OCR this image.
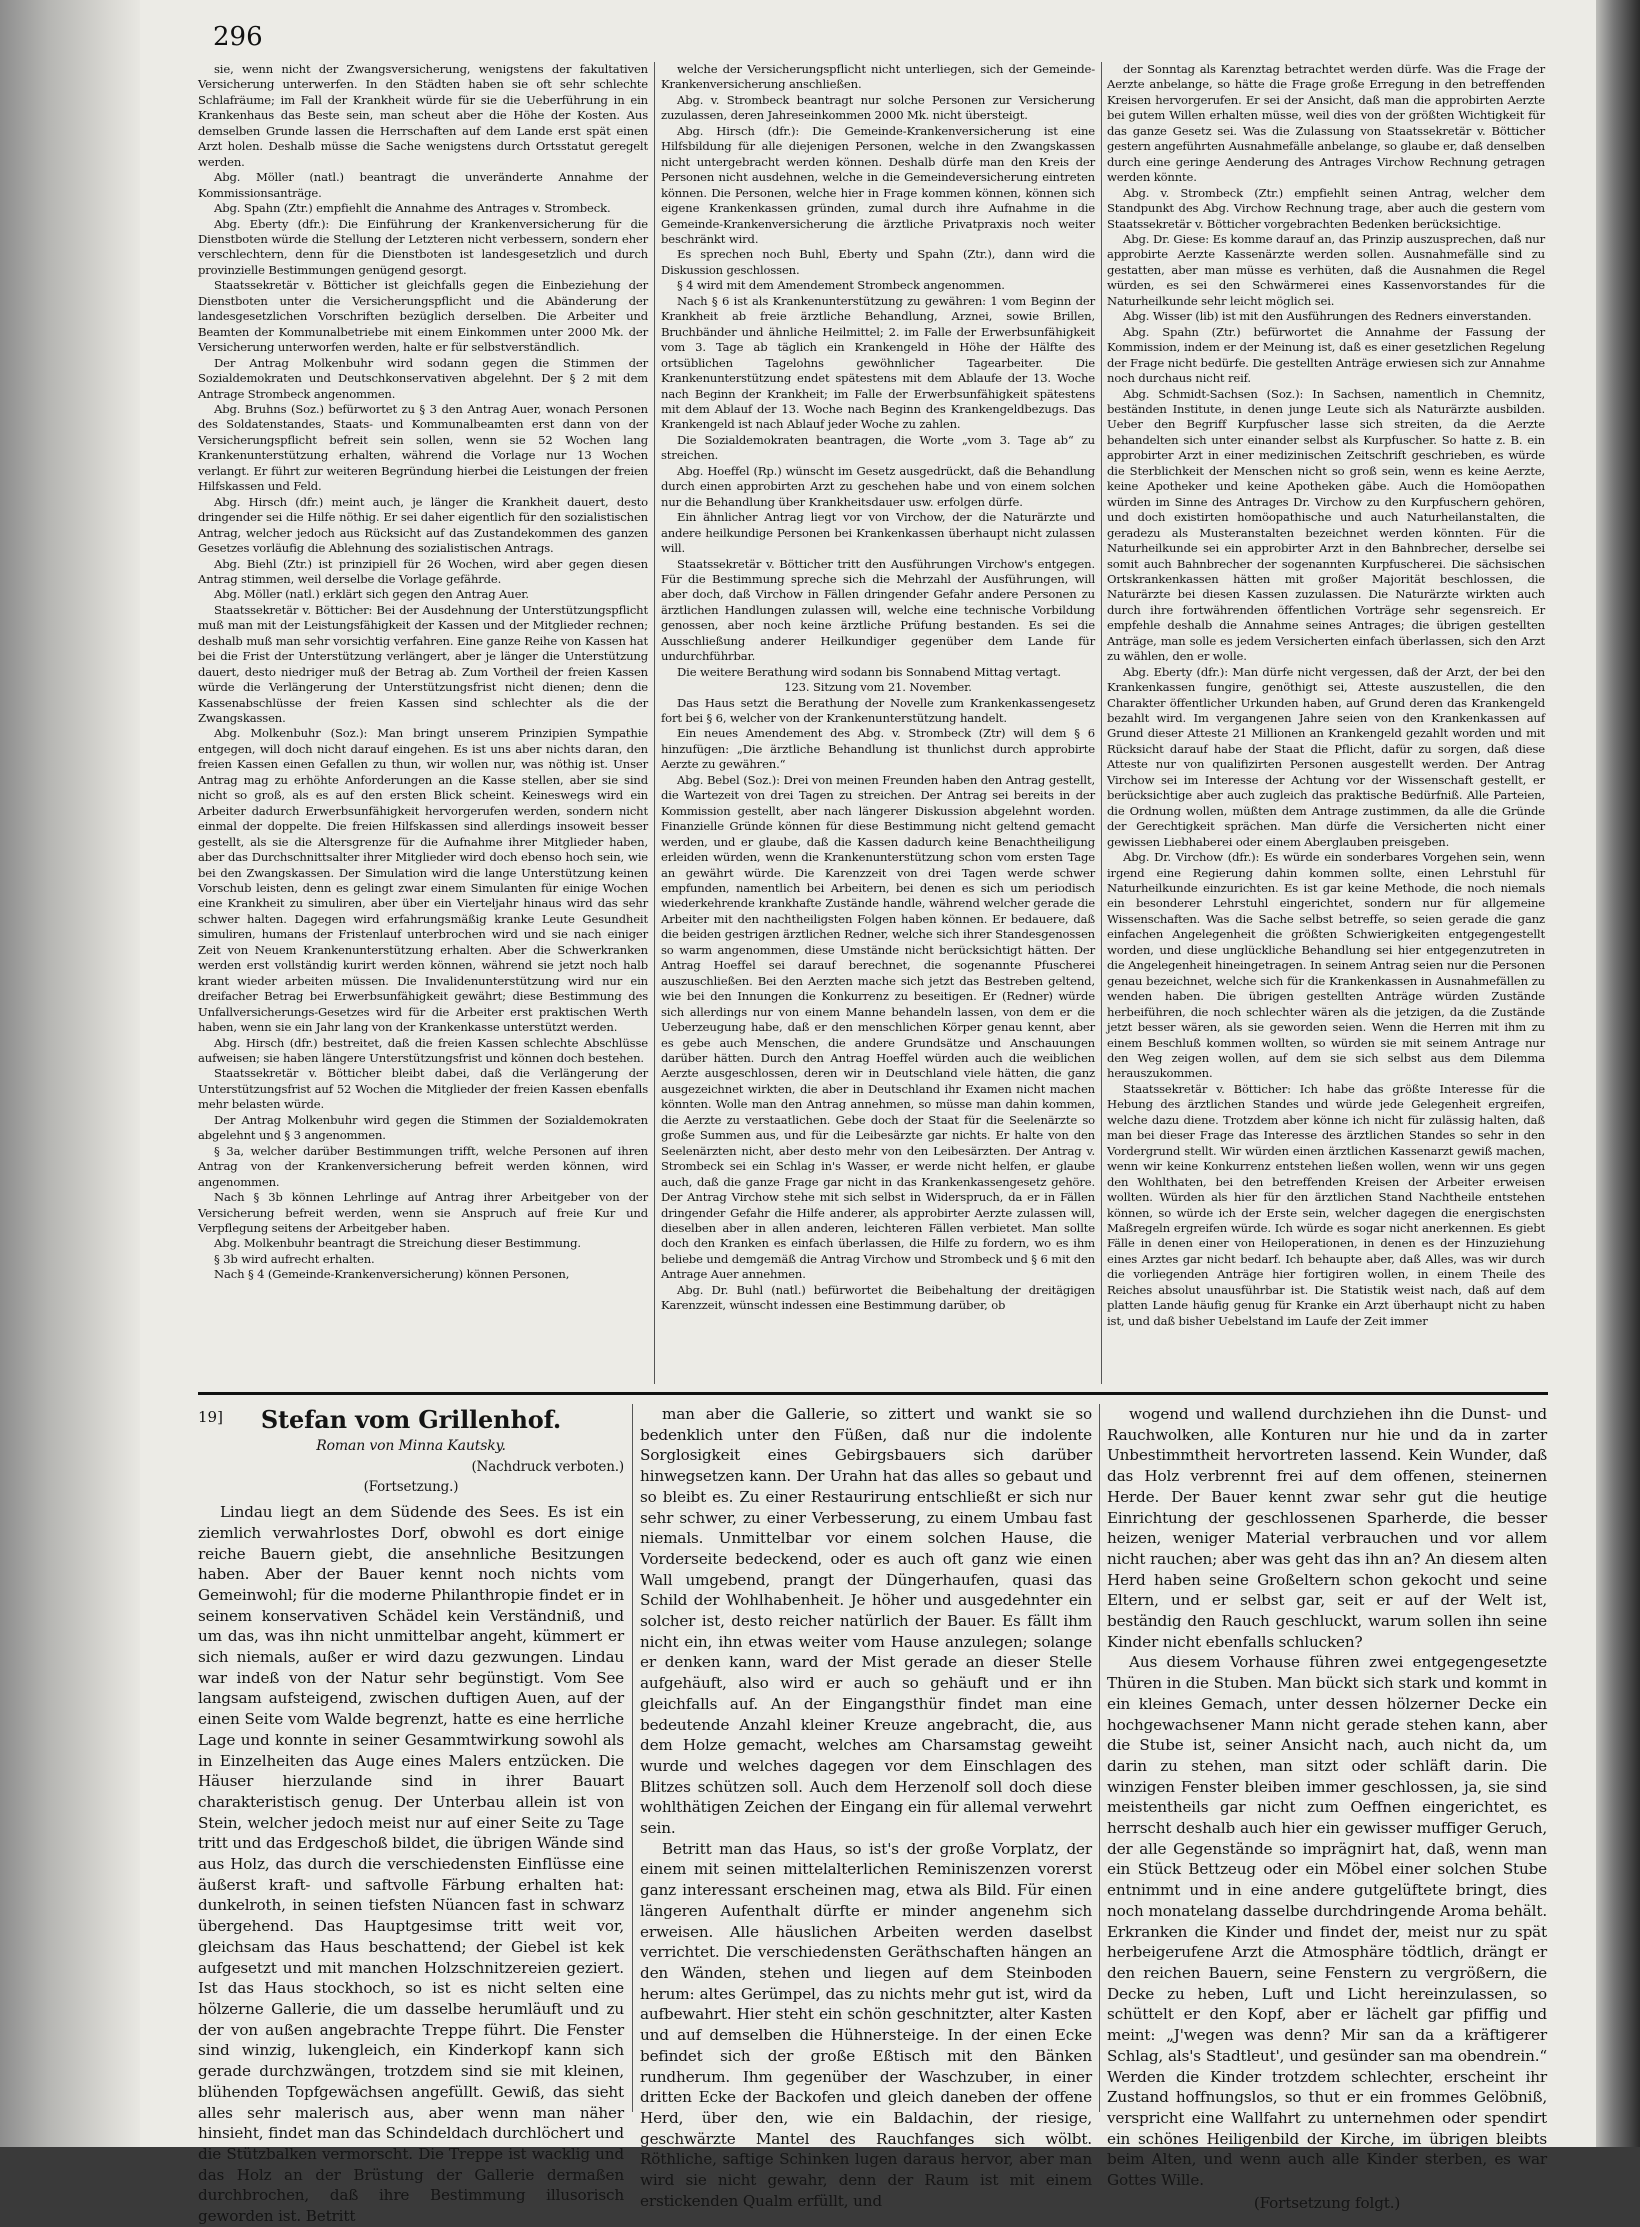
296

sie, wenn nicht der Zwangsversicherung, wenigstens der fakultativen Versicherung unterwerfen. In den Städten haben sie oft sehr schlechte Schlafräume; im Fall der Krankheit würde für sie die Ueberführung in ein Krankenhaus das Beste sein, man scheut aber die Höhe der Kosten. Aus demselben Grunde lassen die Herrschaften auf dem Lande erst spät einen Arzt holen. Deshalb müsse die Sache wenigstens durch Ortsstatut geregelt werden.

Abg. Möller (natl.) beantragt die unveränderte Annahme der Kommissionsanträge.

Abg. Spahn (Ztr.) empfiehlt die Annahme des Antrages v. Strombeck.

Abg. Eberty (dfr.): Die Einführung der Krankenversicherung für die Dienstboten würde die Stellung der Letzteren nicht verbessern, sondern eher verschlechtern, denn für die Dienstboten ist landesgesetzlich und durch provinzielle Bestimmungen genügend gesorgt.

Staatssekretär v. Bötticher ist gleichfalls gegen die Einbeziehung der Dienstboten unter die Versicherungspflicht und die Abänderung der landesgesetzlichen Vorschriften bezüglich derselben. Die Arbeiter und Beamten der Kommunalbetriebe mit einem Einkommen unter 2000 Mk. der Versicherung unterworfen werden, halte er für selbstverständlich.

Der Antrag Molkenbuhr wird sodann gegen die Stimmen der Sozialdemokraten und Deutschkonservativen abgelehnt. Der § 2 mit dem Antrage Strombeck angenommen.

Abg. Bruhns (Soz.) befürwortet zu § 3 den Antrag Auer, wonach Personen des Soldatenstandes, Staats- und Kommunalbeamten erst dann von der Versicherungspflicht befreit sein sollen, wenn sie 52 Wochen lang Krankenunterstützung erhalten, während die Vorlage nur 13 Wochen verlangt. Er führt zur weiteren Begründung hierbei die Leistungen der freien Hilfskassen und Feld.

Abg. Hirsch (dfr.) meint auch, je länger die Krankheit dauert, desto dringender sei die Hilfe nöthig. Er sei daher eigentlich für den sozialistischen Antrag, welcher jedoch aus Rücksicht auf das Zustandekommen des ganzen Gesetzes vorläufig die Ablehnung des sozialistischen Antrags.

Abg. Biehl (Ztr.) ist prinzipiell für 26 Wochen, wird aber gegen diesen Antrag stimmen, weil derselbe die Vorlage gefährde.

Abg. Möller (natl.) erklärt sich gegen den Antrag Auer.

Staatssekretär v. Bötticher: Bei der Ausdehnung der Unterstützungspflicht muß man mit der Leistungsfähigkeit der Kassen und der Mitglieder rechnen; deshalb muß man sehr vorsichtig verfahren. Eine ganze Reihe von Kassen hat bei die Frist der Unterstützung verlängert, aber je länger die Unterstützung dauert, desto niedriger muß der Betrag ab. Zum Vortheil der freien Kassen würde die Verlängerung der Unterstützungsfrist nicht dienen; denn die Kassenabschlüsse der freien Kassen sind schlechter als die der Zwangskassen.

Abg. Molkenbuhr (Soz.): Man bringt unserem Prinzipien Sympathie entgegen, will doch nicht darauf eingehen. Es ist uns aber nichts daran, den freien Kassen einen Gefallen zu thun, wir wollen nur, was nöthig ist. Unser Antrag mag zu erhöhte Anforderungen an die Kasse stellen, aber sie sind nicht so groß, als es auf den ersten Blick scheint. Keineswegs wird ein Arbeiter dadurch Erwerbsunfähigkeit hervorgerufen werden, sondern nicht einmal der doppelte. Die freien Hilfskassen sind allerdings insoweit besser gestellt, als sie die Altersgrenze für die Aufnahme ihrer Mitglieder haben, aber das Durchschnittsalter ihrer Mitglieder wird doch ebenso hoch sein, wie bei den Zwangskassen. Der Simulation wird die lange Unterstützung keinen Vorschub leisten, denn es gelingt zwar einem Simulanten für einige Wochen eine Krankheit zu simuliren, aber über ein Vierteljahr hinaus wird das sehr schwer halten. Dagegen wird erfahrungsmäßig kranke Leute Gesundheit simuliren, humans der Fristenlauf unterbrochen wird und sie nach einiger Zeit von Neuem Krankenunterstützung erhalten. Aber die Schwerkranken werden erst vollständig kurirt werden können, während sie jetzt noch halb krant wieder arbeiten müssen. Die Invalidenunterstützung wird nur ein dreifacher Betrag bei Erwerbsunfähigkeit gewährt; diese Bestimmung des Unfallversicherungs-Gesetzes wird für die Arbeiter erst praktischen Werth haben, wenn sie ein Jahr lang von der Krankenkasse unterstützt werden.

Abg. Hirsch (dfr.) bestreitet, daß die freien Kassen schlechte Abschlüsse aufweisen; sie haben längere Unterstützungsfrist und können doch bestehen.

Staatssekretär v. Bötticher bleibt dabei, daß die Verlängerung der Unterstützungsfrist auf 52 Wochen die Mitglieder der freien Kassen ebenfalls mehr belasten würde.

Der Antrag Molkenbuhr wird gegen die Stimmen der Sozialdemokraten abgelehnt und § 3 angenommen.

§ 3a, welcher darüber Bestimmungen trifft, welche Personen auf ihren Antrag von der Krankenversicherung befreit werden können, wird angenommen.

Nach § 3b können Lehrlinge auf Antrag ihrer Arbeitgeber von der Versicherung befreit werden, wenn sie Anspruch auf freie Kur und Verpflegung seitens der Arbeitgeber haben.

Abg. Molkenbuhr beantragt die Streichung dieser Bestimmung.

§ 3b wird aufrecht erhalten.

Nach § 4 (Gemeinde-Krankenversicherung) können Personen,

welche der Versicherungspflicht nicht unterliegen, sich der Gemeinde-Krankenversicherung anschließen.

Abg. v. Strombeck beantragt nur solche Personen zur Versicherung zuzulassen, deren Jahreseinkommen 2000 Mk. nicht übersteigt.

Abg. Hirsch (dfr.): Die Gemeinde-Krankenversicherung ist eine Hilfsbildung für alle diejenigen Personen, welche in den Zwangskassen nicht untergebracht werden können. Deshalb dürfe man den Kreis der Personen nicht ausdehnen, welche in die Gemeindeversicherung eintreten können. Die Personen, welche hier in Frage kommen können, können sich eigene Krankenkassen gründen, zumal durch ihre Aufnahme in die Gemeinde-Krankenversicherung die ärztliche Privatpraxis noch weiter beschränkt wird.

Es sprechen noch Buhl, Eberty und Spahn (Ztr.), dann wird die Diskussion geschlossen.

§ 4 wird mit dem Amendement Strombeck angenommen.

Nach § 6 ist als Krankenunterstützung zu gewähren: 1 vom Beginn der Krankheit ab freie ärztliche Behandlung, Arznei, sowie Brillen, Bruchbänder und ähnliche Heilmittel; 2. im Falle der Erwerbsunfähigkeit vom 3. Tage ab täglich ein Krankengeld in Höhe der Hälfte des ortsüblichen Tagelohns gewöhnlicher Tagearbeiter. Die Krankenunterstützung endet spätestens mit dem Ablaufe der 13. Woche nach Beginn der Krankheit; im Falle der Erwerbsunfähigkeit spätestens mit dem Ablauf der 13. Woche nach Beginn des Krankengeldbezugs. Das Krankengeld ist nach Ablauf jeder Woche zu zahlen.

Die Sozialdemokraten beantragen, die Worte „vom 3. Tage ab“ zu streichen.

Abg. Hoeffel (Rp.) wünscht im Gesetz ausgedrückt, daß die Behandlung durch einen approbirten Arzt zu geschehen habe und von einem solchen nur die Behandlung über Krankheitsdauer usw. erfolgen dürfe.

Ein ähnlicher Antrag liegt vor von Virchow, der die Naturärzte und andere heilkundige Personen bei Krankenkassen überhaupt nicht zulassen will.

Staatssekretär v. Bötticher tritt den Ausführungen Virchow's entgegen. Für die Bestimmung spreche sich die Mehrzahl der Ausführungen, will aber doch, daß Virchow in Fällen dringender Gefahr andere Personen zu ärztlichen Handlungen zulassen will, welche eine technische Vorbildung genossen, aber noch keine ärztliche Prüfung bestanden. Es sei die Ausschließung anderer Heilkundiger gegenüber dem Lande für undurchführbar.

Die weitere Berathung wird sodann bis Sonnabend Mittag vertagt.

123. Sitzung vom 21. November.

Das Haus setzt die Berathung der Novelle zum Krankenkassengesetz fort bei § 6, welcher von der Krankenunterstützung handelt.

Ein neues Amendement des Abg. v. Strombeck (Ztr) will dem § 6 hinzufügen: „Die ärztliche Behandlung ist thunlichst durch approbirte Aerzte zu gewähren.“

Abg. Bebel (Soz.): Drei von meinen Freunden haben den Antrag gestellt, die Wartezeit von drei Tagen zu streichen. Der Antrag sei bereits in der Kommission gestellt, aber nach längerer Diskussion abgelehnt worden. Finanzielle Gründe können für diese Bestimmung nicht geltend gemacht werden, und er glaube, daß die Kassen dadurch keine Benachtheiligung erleiden würden, wenn die Krankenunterstützung schon vom ersten Tage an gewährt würde. Die Karenzzeit von drei Tagen werde schwer empfunden, namentlich bei Arbeitern, bei denen es sich um periodisch wiederkehrende krankhafte Zustände handle, während welcher gerade die Arbeiter mit den nachtheiligsten Folgen haben können. Er bedauere, daß die beiden gestrigen ärztlichen Redner, welche sich ihrer Standesgenossen so warm angenommen, diese Umstände nicht berücksichtigt hätten. Der Antrag Hoeffel sei darauf berechnet, die sogenannte Pfuscherei auszuschließen. Bei den Aerzten mache sich jetzt das Bestreben geltend, wie bei den Innungen die Konkurrenz zu beseitigen. Er (Redner) würde sich allerdings nur von einem Manne behandeln lassen, von dem er die Ueberzeugung habe, daß er den menschlichen Körper genau kennt, aber es gebe auch Menschen, die andere Grundsätze und Anschauungen darüber hätten. Durch den Antrag Hoeffel würden auch die weiblichen Aerzte ausgeschlossen, deren wir in Deutschland viele hätten, die ganz ausgezeichnet wirkten, die aber in Deutschland ihr Examen nicht machen könnten. Wolle man den Antrag annehmen, so müsse man dahin kommen, die Aerzte zu verstaatlichen. Gebe doch der Staat für die Seelenärzte so große Summen aus, und für die Leibesärzte gar nichts. Er halte von den Seelenärzten nicht, aber desto mehr von den Leibesärzten. Der Antrag v. Strombeck sei ein Schlag in's Wasser, er werde nicht helfen, er glaube auch, daß die ganze Frage gar nicht in das Krankenkassengesetz gehöre. Der Antrag Virchow stehe mit sich selbst in Widerspruch, da er in Fällen dringender Gefahr die Hilfe anderer, als approbirter Aerzte zulassen will, dieselben aber in allen anderen, leichteren Fällen verbietet. Man sollte doch den Kranken es einfach überlassen, die Hilfe zu fordern, wo es ihm beliebe und demgemäß die Antrag Virchow und Strombeck und § 6 mit den Antrage Auer annehmen.

Abg. Dr. Buhl (natl.) befürwortet die Beibehaltung der dreitägigen Karenzzeit, wünscht indessen eine Bestimmung darüber, ob

der Sonntag als Karenztag betrachtet werden dürfe. Was die Frage der Aerzte anbelange, so hätte die Frage große Erregung in den betreffenden Kreisen hervorgerufen. Er sei der Ansicht, daß man die approbirten Aerzte bei gutem Willen erhalten müsse, weil dies von der größten Wichtigkeit für das ganze Gesetz sei. Was die Zulassung von Staatssekretär v. Bötticher gestern angeführten Ausnahmefälle anbelange, so glaube er, daß denselben durch eine geringe Aenderung des Antrages Virchow Rechnung getragen werden könnte.

Abg. v. Strombeck (Ztr.) empfiehlt seinen Antrag, welcher dem Standpunkt des Abg. Virchow Rechnung trage, aber auch die gestern vom Staatssekretär v. Bötticher vorgebrachten Bedenken berücksichtige.

Abg. Dr. Giese: Es komme darauf an, das Prinzip auszusprechen, daß nur approbirte Aerzte Kassenärzte werden sollen. Ausnahmefälle sind zu gestatten, aber man müsse es verhüten, daß die Ausnahmen die Regel würden, es sei den Schwärmerei eines Kassenvorstandes für die Naturheilkunde sehr leicht möglich sei.

Abg. Wisser (lib) ist mit den Ausführungen des Redners einverstanden.

Abg. Spahn (Ztr.) befürwortet die Annahme der Fassung der Kommission, indem er der Meinung ist, daß es einer gesetzlichen Regelung der Frage nicht bedürfe. Die gestellten Anträge erwiesen sich zur Annahme noch durchaus nicht reif.

Abg. Schmidt-Sachsen (Soz.): In Sachsen, namentlich in Chemnitz, beständen Institute, in denen junge Leute sich als Naturärzte ausbilden. Ueber den Begriff Kurpfuscher lasse sich streiten, da die Aerzte behandelten sich unter einander selbst als Kurpfuscher. So hatte z. B. ein approbirter Arzt in einer medizinischen Zeitschrift geschrieben, es würde die Sterblichkeit der Menschen nicht so groß sein, wenn es keine Aerzte, keine Apotheker und keine Apotheken gäbe. Auch die Homöopathen würden im Sinne des Antrages Dr. Virchow zu den Kurpfuschern gehören, und doch existirten homöopathische und auch Naturheilanstalten, die geradezu als Musteranstalten bezeichnet werden könnten. Für die Naturheilkunde sei ein approbirter Arzt in den Bahnbrecher, derselbe sei somit auch Bahnbrecher der sogenannten Kurpfuscherei. Die sächsischen Ortskrankenkassen hätten mit großer Majorität beschlossen, die Naturärzte bei diesen Kassen zuzulassen. Die Naturärzte wirkten auch durch ihre fortwährenden öffentlichen Vorträge sehr segensreich. Er empfehle deshalb die Annahme seines Antrages; die übrigen gestellten Anträge, man solle es jedem Versicherten einfach überlassen, sich den Arzt zu wählen, den er wolle.

Abg. Eberty (dfr.): Man dürfe nicht vergessen, daß der Arzt, der bei den Krankenkassen fungire, genöthigt sei, Atteste auszustellen, die den Charakter öffentlicher Urkunden haben, auf Grund deren das Krankengeld bezahlt wird. Im vergangenen Jahre seien von den Krankenkassen auf Grund dieser Atteste 21 Millionen an Krankengeld gezahlt worden und mit Rücksicht darauf habe der Staat die Pflicht, dafür zu sorgen, daß diese Atteste nur von qualifizirten Personen ausgestellt werden. Der Antrag Virchow sei im Interesse der Achtung vor der Wissenschaft gestellt, er berücksichtige aber auch zugleich das praktische Bedürfniß. Alle Parteien, die Ordnung wollen, müßten dem Antrage zustimmen, da alle die Gründe der Gerechtigkeit sprächen. Man dürfe die Versicherten nicht einer gewissen Liebhaberei oder einem Aberglauben preisgeben.

Abg. Dr. Virchow (dfr.): Es würde ein sonderbares Vorgehen sein, wenn irgend eine Regierung dahin kommen sollte, einen Lehrstuhl für Naturheilkunde einzurichten. Es ist gar keine Methode, die noch niemals ein besonderer Lehrstuhl eingerichtet, sondern nur für allgemeine Wissenschaften. Was die Sache selbst betreffe, so seien gerade die ganz einfachen Angelegenheit die größten Schwierigkeiten entgegengestellt worden, und diese unglückliche Behandlung sei hier entgegenzutreten in die Angelegenheit hineingetragen. In seinem Antrag seien nur die Personen genau bezeichnet, welche sich für die Krankenkassen in Ausnahmefällen zu wenden haben. Die übrigen gestellten Anträge würden Zustände herbeiführen, die noch schlechter wären als die jetzigen, da die Zustände jetzt besser wären, als sie geworden seien. Wenn die Herren mit ihm zu einem Beschluß kommen wollten, so würden sie mit seinem Antrage nur den Weg zeigen wollen, auf dem sie sich selbst aus dem Dilemma herauszukommen.

Staatssekretär v. Bötticher: Ich habe das größte Interesse für die Hebung des ärztlichen Standes und würde jede Gelegenheit ergreifen, welche dazu diene. Trotzdem aber könne ich nicht für zulässig halten, daß man bei dieser Frage das Interesse des ärztlichen Standes so sehr in den Vordergrund stellt. Wir würden einen ärztlichen Kassenarzt gewiß machen, wenn wir keine Konkurrenz entstehen ließen wollen, wenn wir uns gegen den Wohlthaten, bei den betreffenden Kreisen der Arbeiter erweisen wollten. Würden als hier für den ärztlichen Stand Nachtheile entstehen können, so würde ich der Erste sein, welcher dagegen die energischsten Maßregeln ergreifen würde. Ich würde es sogar nicht anerkennen. Es giebt Fälle in denen einer von Heiloperationen, in denen es der Hinzuziehung eines Arztes gar nicht bedarf. Ich behaupte aber, daß Alles, was wir durch die vorliegenden Anträge hier fortigiren wollen, in einem Theile des Reiches absolut unausführbar ist. Die Statistik weist nach, daß auf dem platten Lande häufig genug für Kranke ein Arzt überhaupt nicht zu haben ist, und daß bisher Uebelstand im Laufe der Zeit immer

19]	Stefan vom Grillenhof.
Roman von Minna Kautsky.
(Nachdruck verboten.)
(Fortsetzung.)

Lindau liegt an dem Südende des Sees. Es ist ein ziemlich verwahrlostes Dorf, obwohl es dort einige reiche Bauern giebt, die ansehnliche Besitzungen haben. Aber der Bauer kennt noch nichts vom Gemeinwohl; für die moderne Philanthropie findet er in seinem konservativen Schädel kein Verständniß, und um das, was ihn nicht unmittelbar angeht, kümmert er sich niemals, außer er wird dazu gezwungen. Lindau war indeß von der Natur sehr begünstigt. Vom See langsam aufsteigend, zwischen duftigen Auen, auf der einen Seite vom Walde begrenzt, hatte es eine herrliche Lage und konnte in seiner Gesammtwirkung sowohl als in Einzelheiten das Auge eines Malers entzücken. Die Häuser hierzulande sind in ihrer Bauart charakteristisch genug. Der Unterbau allein ist von Stein, welcher jedoch meist nur auf einer Seite zu Tage tritt und das Erdgeschoß bildet, die übrigen Wände sind aus Holz, das durch die verschiedensten Einflüsse eine äußerst kraft- und saftvolle Färbung erhalten hat: dunkelroth, in seinen tiefsten Nüancen fast in schwarz übergehend. Das Hauptgesimse tritt weit vor, gleichsam das Haus beschattend; der Giebel ist kek aufgesetzt und mit manchen Holzschnitzereien geziert. Ist das Haus stockhoch, so ist es nicht selten eine hölzerne Gallerie, die um dasselbe herumläuft und zu der von außen angebrachte Treppe führt. Die Fenster sind winzig, lukengleich, ein Kinderkopf kann sich gerade durchzwängen, trotzdem sind sie mit kleinen, blühenden Topfgewächsen angefüllt. Gewiß, das sieht alles sehr malerisch aus, aber wenn man näher hinsieht, findet man das Schindeldach durchlöchert und die Stützbalken vermorscht. Die Treppe ist wacklig und das Holz an der Brüstung der Gallerie dermaßen durchbrochen, daß ihre Bestimmung illusorisch geworden ist. Betritt

man aber die Gallerie, so zittert und wankt sie so bedenklich unter den Füßen, daß nur die indolente Sorglosigkeit eines Gebirgsbauers sich darüber hinwegsetzen kann. Der Urahn hat das alles so gebaut und so bleibt es. Zu einer Restaurirung entschließt er sich nur sehr schwer, zu einer Verbesserung, zu einem Umbau fast niemals. Unmittelbar vor einem solchen Hause, die Vorderseite bedeckend, oder es auch oft ganz wie einen Wall umgebend, prangt der Düngerhaufen, quasi das Schild der Wohlhabenheit. Je höher und ausgedehnter ein solcher ist, desto reicher natürlich der Bauer. Es fällt ihm nicht ein, ihn etwas weiter vom Hause anzulegen; solange er denken kann, ward der Mist gerade an dieser Stelle aufgehäuft, also wird er auch so gehäuft und er ihn gleichfalls auf. An der Eingangsthür findet man eine bedeutende Anzahl kleiner Kreuze angebracht, die, aus dem Holze gemacht, welches am Charsamstag geweiht wurde und welches dagegen vor dem Einschlagen des Blitzes schützen soll. Auch dem Herzenolf soll doch diese wohlthätigen Zeichen der Eingang ein für allemal verwehrt sein.

Betritt man das Haus, so ist's der große Vorplatz, der einem mit seinen mittelalterlichen Reminiszenzen vorerst ganz interessant erscheinen mag, etwa als Bild. Für einen längeren Aufenthalt dürfte er minder angenehm sich erweisen. Alle häuslichen Arbeiten werden daselbst verrichtet. Die verschiedensten Geräthschaften hängen an den Wänden, stehen und liegen auf dem Steinboden herum: altes Gerümpel, das zu nichts mehr gut ist, wird da aufbewahrt. Hier steht ein schön geschnitzter, alter Kasten und auf demselben die Hühnersteige. In der einen Ecke befindet sich der große Eßtisch mit den Bänken rundherum. Ihm gegenüber der Waschzuber, in einer dritten Ecke der Backofen und gleich daneben der offene Herd, über den, wie ein Baldachin, der riesige, geschwärzte Mantel des Rauchfanges sich wölbt. Röthliche, saftige Schinken lugen daraus hervor, aber man wird sie nicht gewahr, denn der Raum ist mit einem erstickenden Qualm erfüllt, und

wogend und wallend durchziehen ihn die Dunst- und Rauchwolken, alle Konturen nur hie und da in zarter Unbestimmtheit hervortreten lassend. Kein Wunder, daß das Holz verbrennt frei auf dem offenen, steinernen Herde. Der Bauer kennt zwar sehr gut die heutige Einrichtung der geschlossenen Sparherde, die besser heizen, weniger Material verbrauchen und vor allem nicht rauchen; aber was geht das ihn an? An diesem alten Herd haben seine Großeltern schon gekocht und seine Eltern, und er selbst gar, seit er auf der Welt ist, beständig den Rauch geschluckt, warum sollen ihn seine Kinder nicht ebenfalls schlucken?

Aus diesem Vorhause führen zwei entgegengesetzte Thüren in die Stuben. Man bückt sich stark und kommt in ein kleines Gemach, unter dessen hölzerner Decke ein hochgewachsener Mann nicht gerade stehen kann, aber die Stube ist, seiner Ansicht nach, auch nicht da, um darin zu stehen, man sitzt oder schläft darin. Die winzigen Fenster bleiben immer geschlossen, ja, sie sind meistentheils gar nicht zum Oeffnen eingerichtet, es herrscht deshalb auch hier ein gewisser muffiger Geruch, der alle Gegenstände so imprägnirt hat, daß, wenn man ein Stück Bettzeug oder ein Möbel einer solchen Stube entnimmt und in eine andere gutgelüftete bringt, dies noch monatelang dasselbe durchdringende Aroma behält. Erkranken die Kinder und findet der, meist nur zu spät herbeigerufene Arzt die Atmosphäre tödtlich, drängt er den reichen Bauern, seine Fenstern zu vergrößern, die Decke zu heben, Luft und Licht hereinzulassen, so schüttelt er den Kopf, aber er lächelt gar pfiffig und meint: „J'wegen was denn? Mir san da a kräftigerer Schlag, als's Stadtleut', und gesünder san ma obendrein.“ Werden die Kinder trotzdem schlechter, erscheint ihr Zustand hoffnungslos, so thut er ein frommes Gelöbniß, verspricht eine Wallfahrt zu unternehmen oder spendirt ein schönes Heiligenbild der Kirche, im übrigen bleibts beim Alten, und wenn auch alle Kinder sterben, es war Gottes Wille.

(Fortsetzung folgt.)
